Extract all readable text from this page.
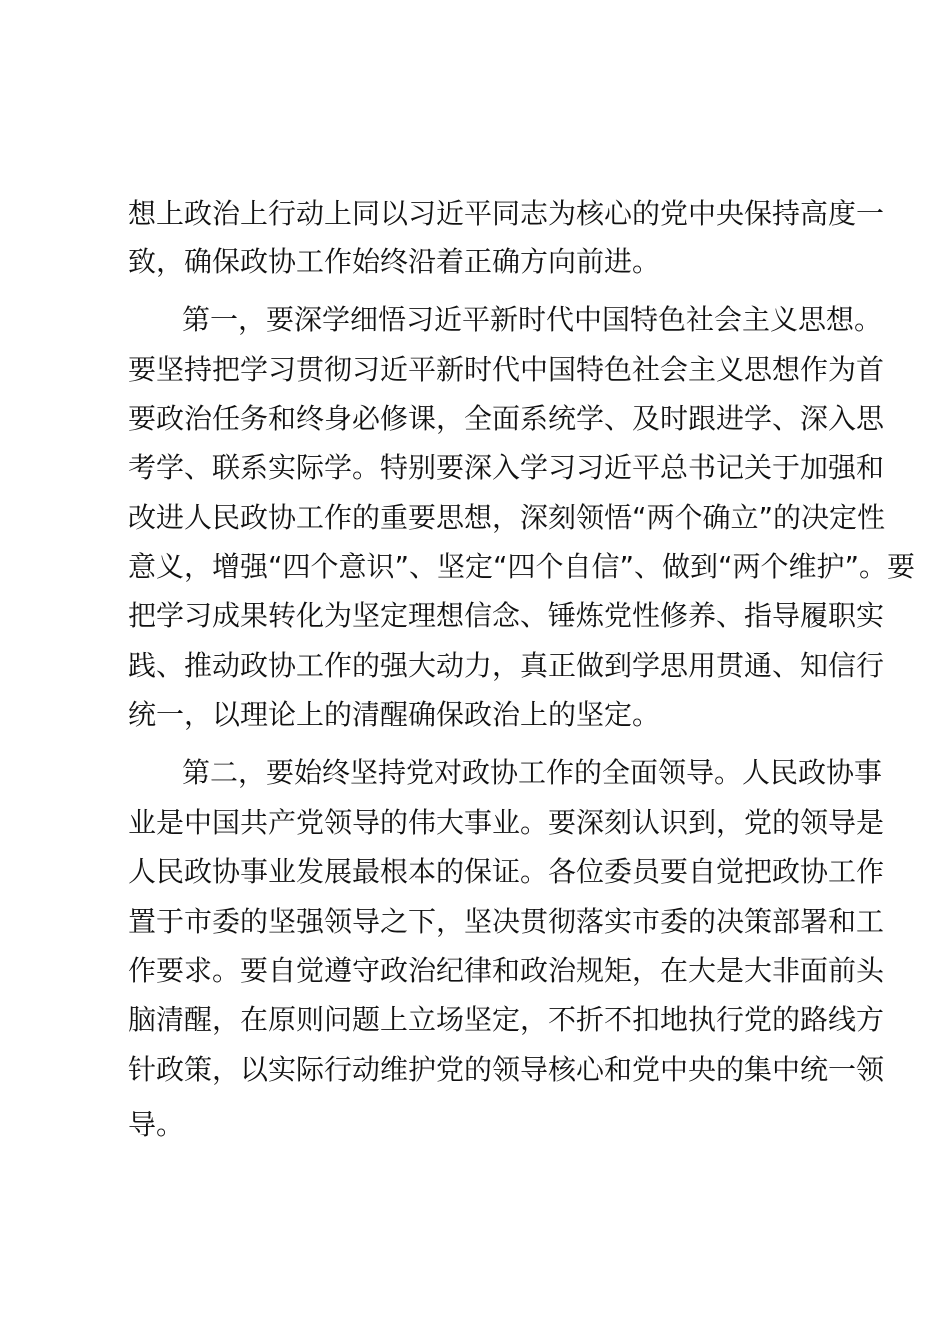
想上政治上行动上同以习近平同志为核心的党中央保持高度一
致，确保政协工作始终沿着正确方向前进。
第一，要深学细悟习近平新时代中国特色社会主义思想。
要坚持把学习贯彻习近平新时代中国特色社会主义思想作为首
要政治任务和终身必修课，全面系统学、及时跟进学、深入思
考学、联系实际学。特别要深入学习习近平总书记关于加强和
改进人民政协工作的重要思想，深刻领悟“两个确立”的决定性
意义，增强“四个意识”、坚定“四个自信”、做到“两个维护”。要
把学习成果转化为坚定理想信念、锤炼党性修养、指导履职实
践、推动政协工作的强大动力，真正做到学思用贯通、知信行
统一，以理论上的清醒确保政治上的坚定。
第二，要始终坚持党对政协工作的全面领导。人民政协事
业是中国共产党领导的伟大事业。要深刻认识到，党的领导是
人民政协事业发展最根本的保证。各位委员要自觉把政协工作
置于市委的坚强领导之下，坚决贯彻落实市委的决策部署和工
作要求。要自觉遵守政治纪律和政治规矩，在大是大非面前头
脑清醒，在原则问题上立场坚定，不折不扣地执行党的路线方
针政策，以实际行动维护党的领导核心和党中央的集中统一领
导。
